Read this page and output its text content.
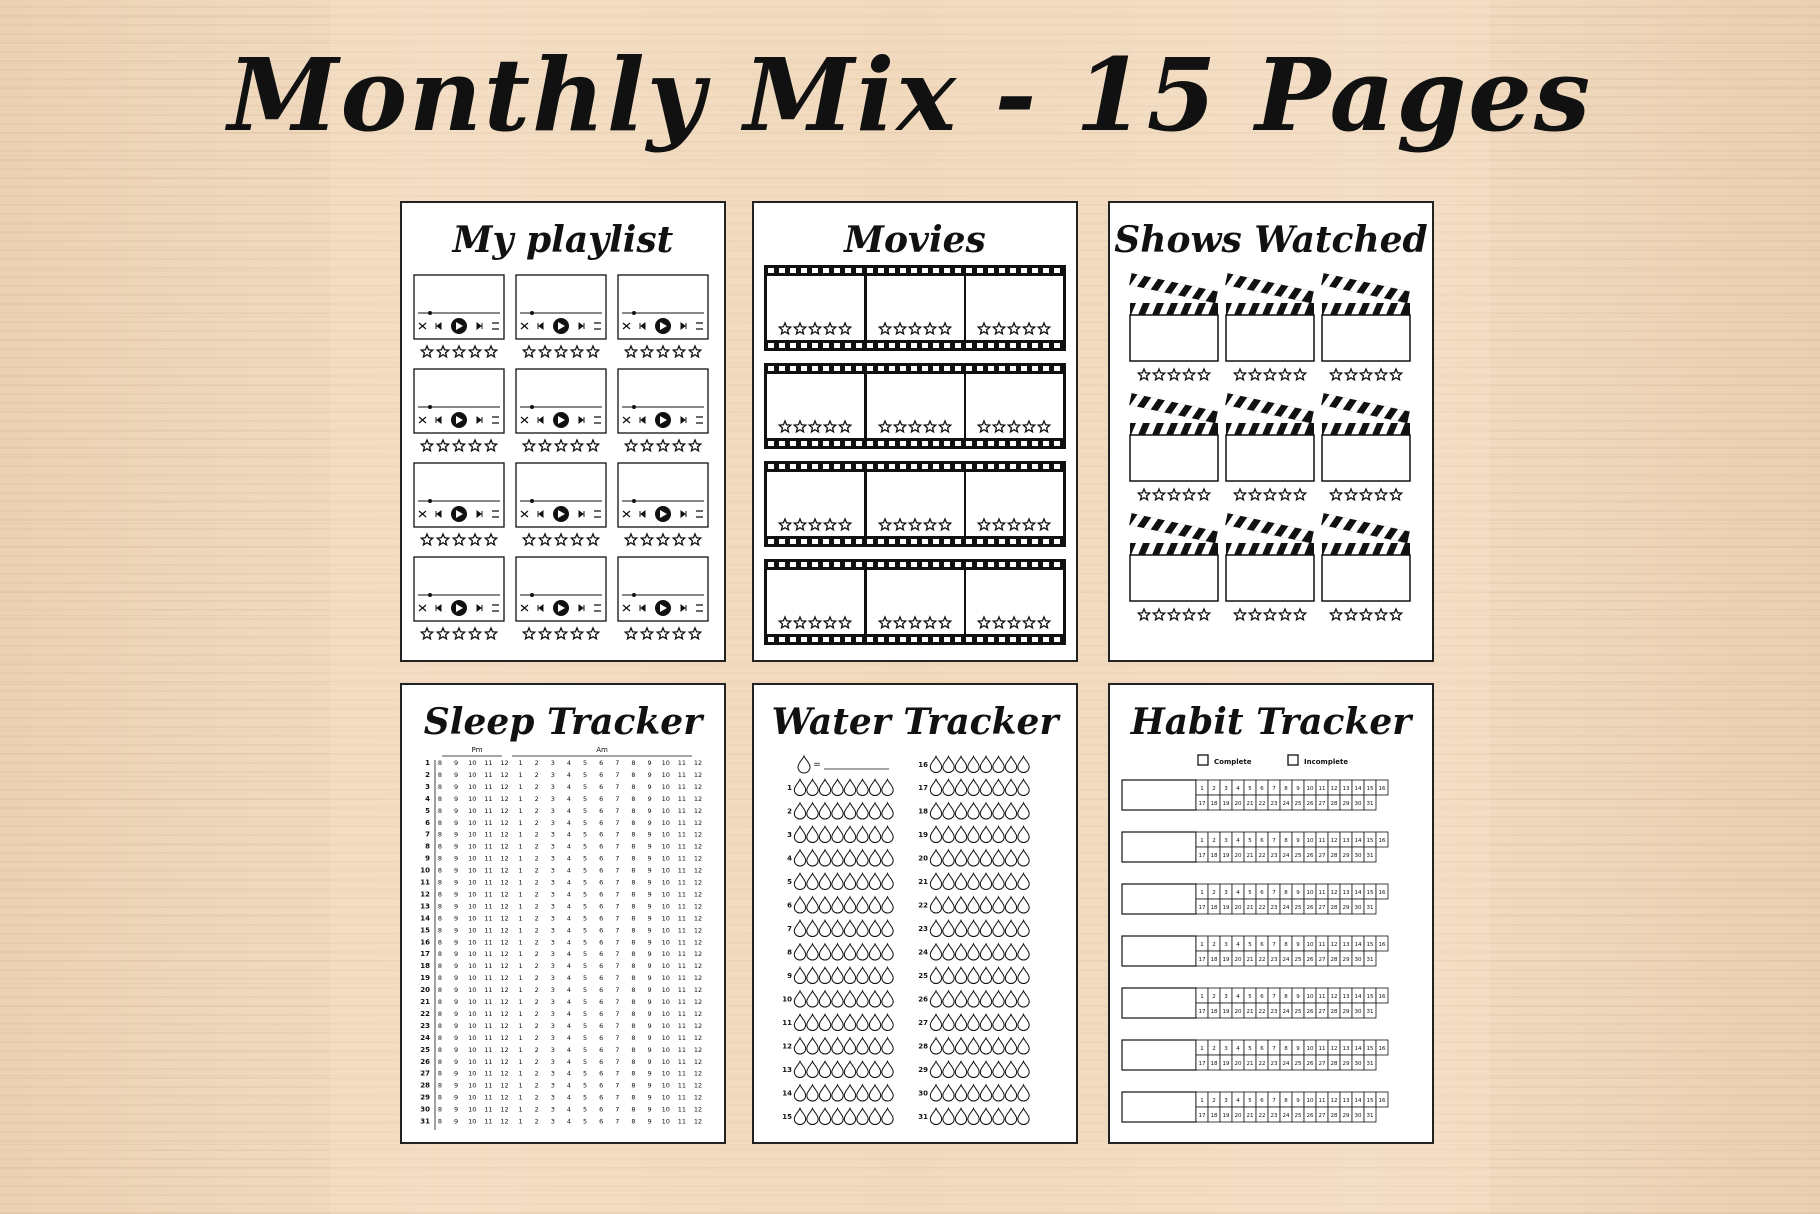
Monthly Mix - 15 Pages
My playlist	Movies	Shows Watched
Sleep Tracker
Pm	Am
1 8 9 10 11 12 1 2 3 4 5 6 7 8 9 10 11 12
2 8 9 10 11 12 1 2 3 4 5 6 7 8 9 10 11 12
3 8 9 10 11 12 1 2 3 4 5 6 7 8 9 10 11 12
4 8 9 10 11 12 1 2 3 4 5 6 7 8 9 10 11 12
5 8 9 10 11 12 1 2 3 4 5 6 7 8 9 10 11 12
6 8 9 10 11 12 1 2 3 4 5 6 7 8 9 10 11 12
7 8 9 10 11 12 1 2 3 4 5 6 7 8 9 10 11 12
8 8 9 10 11 12 1 2 3 4 5 6 7 8 9 10 11 12
9 8 9 10 11 12 1 2 3 4 5 6 7 8 9 10 11 12
10 8 9 10 11 12 1 2 3 4 5 6 7 8 9 10 11 12
11 8 9 10 11 12 1 2 3 4 5 6 7 8 9 10 11 12
12 8 9 10 11 12 1 2 3 4 5 6 7 8 9 10 11 12
13 8 9 10 11 12 1 2 3 4 5 6 7 8 9 10 11 12
14 8 9 10 11 12 1 2 3 4 5 6 7 8 9 10 11 12
15 8 9 10 11 12 1 2 3 4 5 6 7 8 9 10 11 12
16 8 9 10 11 12 1 2 3 4 5 6 7 8 9 10 11 12
17 8 9 10 11 12 1 2 3 4 5 6 7 8 9 10 11 12
18 8 9 10 11 12 1 2 3 4 5 6 7 8 9 10 11 12
19 8 9 10 11 12 1 2 3 4 5 6 7 8 9 10 11 12
20 8 9 10 11 12 1 2 3 4 5 6 7 8 9 10 11 12
21 8 9 10 11 12 1 2 3 4 5 6 7 8 9 10 11 12
22 8 9 10 11 12 1 2 3 4 5 6 7 8 9 10 11 12
23 8 9 10 11 12 1 2 3 4 5 6 7 8 9 10 11 12
24 8 9 10 11 12 1 2 3 4 5 6 7 8 9 10 11 12
25 8 9 10 11 12 1 2 3 4 5 6 7 8 9 10 11 12
26 8 9 10 11 12 1 2 3 4 5 6 7 8 9 10 11 12
27 8 9 10 11 12 1 2 3 4 5 6 7 8 9 10 11 12
28 8 9 10 11 12 1 2 3 4 5 6 7 8 9 10 11 12
29 8 9 10 11 12 1 2 3 4 5 6 7 8 9 10 11 12
30 8 9 10 11 12 1 2 3 4 5 6 7 8 9 10 11 12
31 8 9 10 11 12 1 2 3 4 5 6 7 8 9 10 11 12
Water Tracker
=	16
1
2
3
4
5
6
7
8
9
10
11
12
13
14
15
17
18
19
20
21
22
23
24
25
26
27
28
29
30
31
Habit Tracker
Complete	Incomplete
1 2 3 4 5 6 7 8 9 10 11 12 13 14 15 16
17 18 19 20 21 22 23 24 25 26 27 28 29 30 31
1 2 3 4 5 6 7 8 9 10 11 12 13 14 15 16
17 18 19 20 21 22 23 24 25 26 27 28 29 30 31
1 2 3 4 5 6 7 8 9 10 11 12 13 14 15 16
17 18 19 20 21 22 23 24 25 26 27 28 29 30 31
1 2 3 4 5 6 7 8 9 10 11 12 13 14 15 16
17 18 19 20 21 22 23 24 25 26 27 28 29 30 31
1 2 3 4 5 6 7 8 9 10 11 12 13 14 15 16
17 18 19 20 21 22 23 24 25 26 27 28 29 30 31
1 2 3 4 5 6 7 8 9 10 11 12 13 14 15 16
17 18 19 20 21 22 23 24 25 26 27 28 29 30 31
1 2 3 4 5 6 7 8 9 10 11 12 13 14 15 16
17 18 19 20 21 22 23 24 25 26 27 28 29 30 31
